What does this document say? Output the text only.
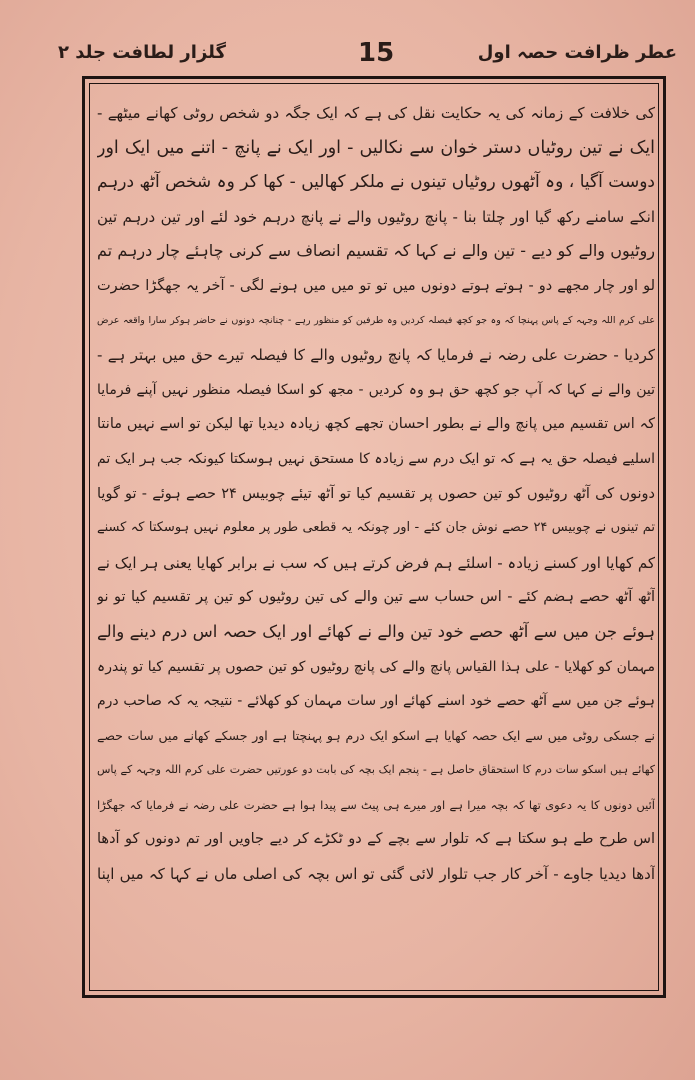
عطر ظرافت حصہ اول
15
گلزار لطافت جلد ۲
کی خلافت کے زمانہ کی یہ حکایت نقل کی ہے کہ ایک جگہ دو شخص روٹی کھانے میٹھے -
ایک نے تین روٹیاں دستر خوان سے نکالیں - اور ایک نے پانچ - اتنے میں ایک اور
دوست آگیا ، وہ آٹھوں روٹیاں تینوں نے ملکر کھالیں - کھا کر وہ شخص آٹھ درہم
انکے سامنے رکھ گیا اور چلتا بنا - پانچ روٹیوں والے نے پانچ درہم خود لئے اور تین درہم تین
روٹیوں والے کو دیے - تین والے نے کہا کہ تقسیم انصاف سے کرنی چاہئے چار درہم تم
لو اور چار مجھے دو - ہوتے ہوتے دونوں میں تو تو میں میں ہونے لگی - آخر یہ جھگڑا حضرت
علی کرم اللہ وجہہ کے پاس پہنچا کہ وہ جو کچھ فیصلہ کردیں وہ طرفین کو منظور رہے - چنانچہ دونوں نے حاضر ہوکر سارا واقعہ عرض
کردیا - حضرت علی رضہ نے فرمایا کہ پانچ روٹیوں والے کا فیصلہ تیرے حق میں بہتر ہے -
تین والے نے کہا کہ آپ جو کچھ حق ہو وہ کردیں - مجھ کو اسکا فیصلہ منظور نہیں آپنے فرمایا
کہ اس تقسیم میں پانچ والے نے بطور احسان تجھے کچھ زیادہ دیدیا تھا لیکن تو اسے نہیں مانتا
اسلیے فیصلہ حق یہ ہے کہ تو ایک درم سے زیادہ کا مستحق نہیں ہوسکتا کیونکہ جب ہر ایک تم
دونوں کی آٹھ روٹیوں کو تین حصوں پر تقسیم کیا تو آٹھ تیئے چوبیس ۲۴ حصے ہوئے - تو گویا
تم تینوں نے چوبیس ۲۴ حصے نوش جان کئے - اور چونکہ یہ قطعی طور پر معلوم نہیں ہوسکتا کہ کسنے
کم کھایا اور کسنے زیادہ - اسلئے ہم فرض کرتے ہیں کہ سب نے برابر کھایا یعنی ہر ایک نے
آٹھ آٹھ حصے ہضم کئے - اس حساب سے تین والے کی تین روٹیوں کو تین پر تقسیم کیا تو نو
ہوئے جن میں سے آٹھ حصے خود تین والے نے کھائے اور ایک حصہ اس درم دینے والے
مہمان کو کھلایا - علی ہذا القیاس پانچ والے کی پانچ روٹیوں کو تین حصوں پر تقسیم کیا تو پندرہ
ہوئے جن میں سے آٹھ حصے خود اسنے کھائے اور سات مہمان کو کھلائے - نتیجہ یہ کہ صاحب درم
نے جسکی روٹی میں سے ایک حصہ کھایا ہے اسکو ایک درم ہو پہنچتا ہے اور جسکے کھانے میں سات حصے
کھائے ہیں اسکو سات درم کا استحقاق حاصل ہے - پنجم ایک بچہ کی بابت دو عورتیں حضرت علی کرم اللہ وجہہ کے پاس
آئیں دونوں کا یہ دعوی تھا کہ بچہ میرا ہے اور میرے ہی پیٹ سے پیدا ہوا ہے حضرت علی رضہ نے فرمایا کہ جھگڑا
اس طرح طے ہو سکتا ہے کہ تلوار سے بچے کے دو ٹکڑے کر دیے جاویں اور تم دونوں کو آدھا
آدھا دیدیا جاوے - آخر کار جب تلوار لائی گئی تو اس بچہ کی اصلی ماں نے کہا کہ میں اپنا
